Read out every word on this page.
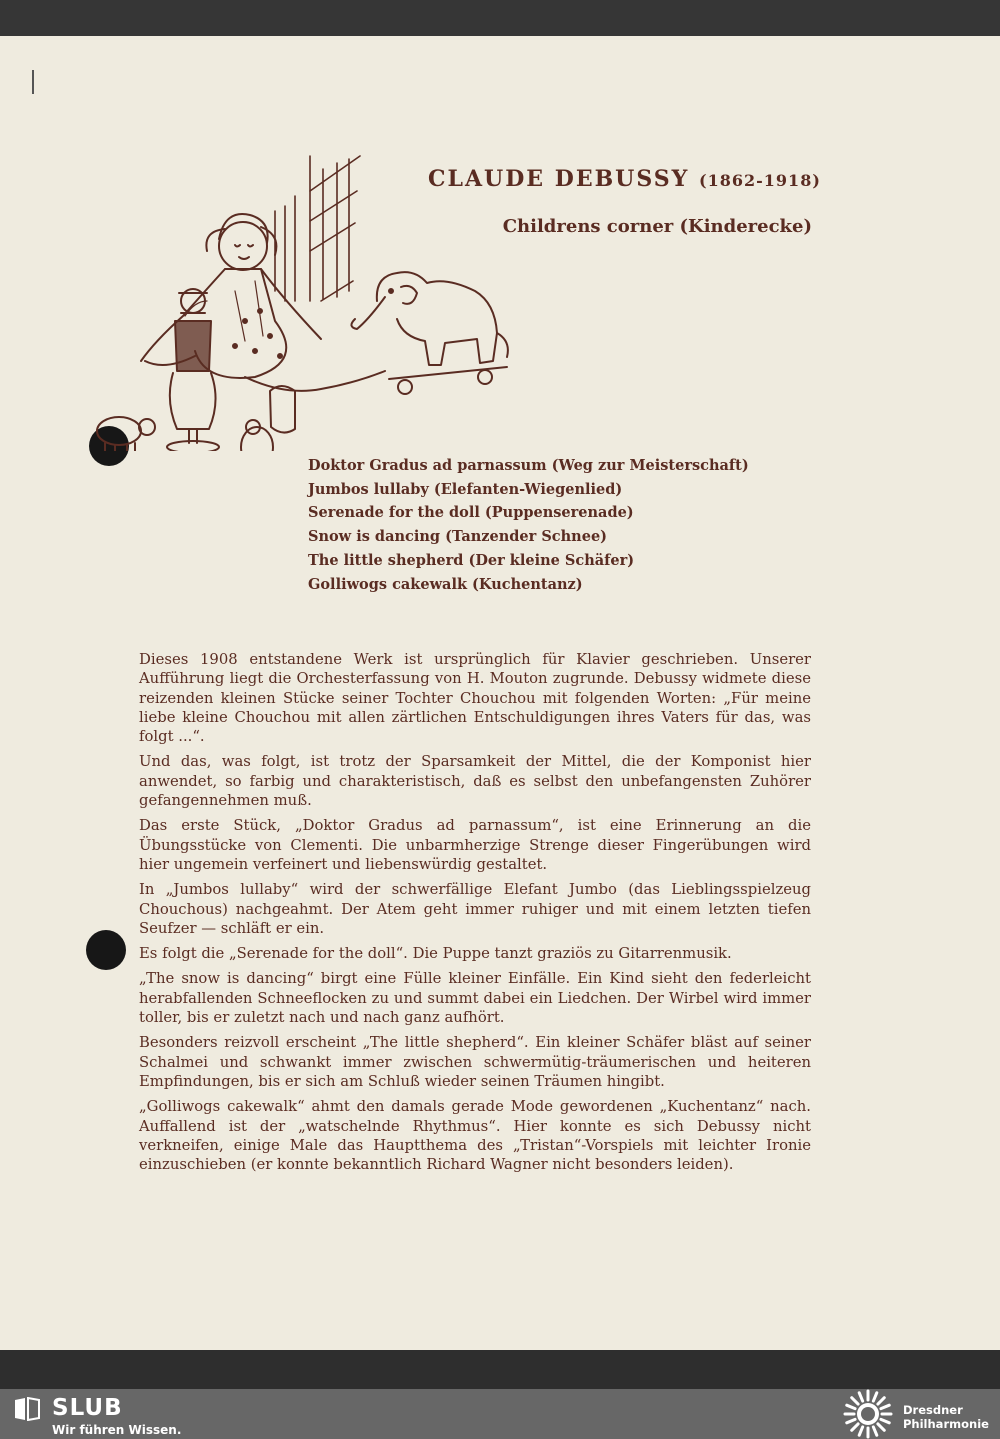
CLAUDE DEBUSSY (1862-1918)
Childrens corner (Kinderecke)
Doktor Gradus ad parnassum (Weg zur Meisterschaft)
Jumbos lullaby (Elefanten-Wiegenlied)
Serenade for the doll (Puppenserenade)
Snow is dancing (Tanzender Schnee)
The little shepherd (Der kleine Schäfer)
Golliwogs cakewalk (Kuchentanz)

Dieses 1908 entstandene Werk ist ursprünglich für Klavier geschrieben. Unserer Aufführung liegt die Orchesterfassung von H. Mouton zugrunde. Debussy widmete diese reizenden kleinen Stücke seiner Tochter Chouchou mit folgenden Worten: „Für meine liebe kleine Chouchou mit allen zärtlichen Entschuldigungen ihres Vaters für das, was folgt ...“.

Und das, was folgt, ist trotz der Sparsamkeit der Mittel, die der Komponist hier anwendet, so farbig und charakteristisch, daß es selbst den unbefangensten Zuhörer gefangennehmen muß.

Das erste Stück, „Doktor Gradus ad parnassum“, ist eine Erinnerung an die Übungsstücke von Clementi. Die unbarmherzige Strenge dieser Fingerübungen wird hier ungemein verfeinert und liebenswürdig gestaltet.

In „Jumbos lullaby“ wird der schwerfällige Elefant Jumbo (das Lieblingsspielzeug Chouchous) nachgeahmt. Der Atem geht immer ruhiger und mit einem letzten tiefen Seufzer — schläft er ein.

Es folgt die „Serenade for the doll“. Die Puppe tanzt graziös zu Gitarrenmusik.

„The snow is dancing“ birgt eine Fülle kleiner Einfälle. Ein Kind sieht den federleicht herabfallenden Schneeflocken zu und summt dabei ein Liedchen. Der Wirbel wird immer toller, bis er zuletzt nach und nach ganz aufhört.

Besonders reizvoll erscheint „The little shepherd“. Ein kleiner Schäfer bläst auf seiner Schalmei und schwankt immer zwischen schwermütig-träumerischen und heiteren Empfindungen, bis er sich am Schluß wieder seinen Träumen hingibt.

„Golliwogs cakewalk“ ahmt den damals gerade Mode gewordenen „Kuchentanz“ nach. Auffallend ist der „watschelnde Rhythmus“. Hier konnte es sich Debussy nicht verkneifen, einige Male das Hauptthema des „Tristan“-Vorspiels mit leichter Ironie einzuschieben (er konnte bekanntlich Richard Wagner nicht besonders leiden).

SLUB
Wir führen Wissen.
Dresdner
Philharmonie
